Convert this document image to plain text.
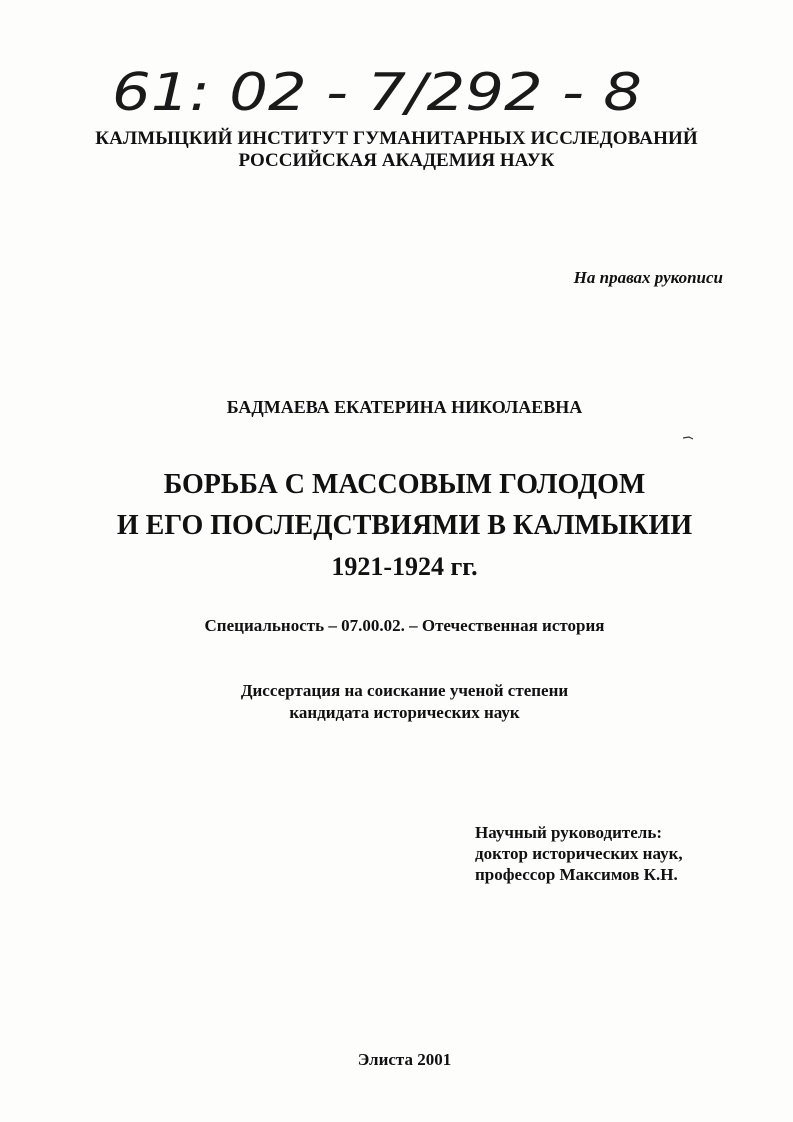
61: 02 - 7/292 - 8
КАЛМЫЦКИЙ ИНСТИТУТ ГУМАНИТАРНЫХ ИССЛЕДОВАНИЙ
РОССИЙСКАЯ АКАДЕМИЯ НАУК
На правах рукописи
БАДМАЕВА ЕКАТЕРИНА НИКОЛАЕВНА
БОРЬБА С МАССОВЫМ ГОЛОДОМ
И ЕГО ПОСЛЕДСТВИЯМИ В КАЛМЫКИИ
1921-1924 гг.
Специальность – 07.00.02. – Отечественная история
Диссертация на соискание ученой степени
кандидата исторических наук
Научный руководитель:
доктор исторических наук,
профессор Максимов К.Н.
Элиста 2001
